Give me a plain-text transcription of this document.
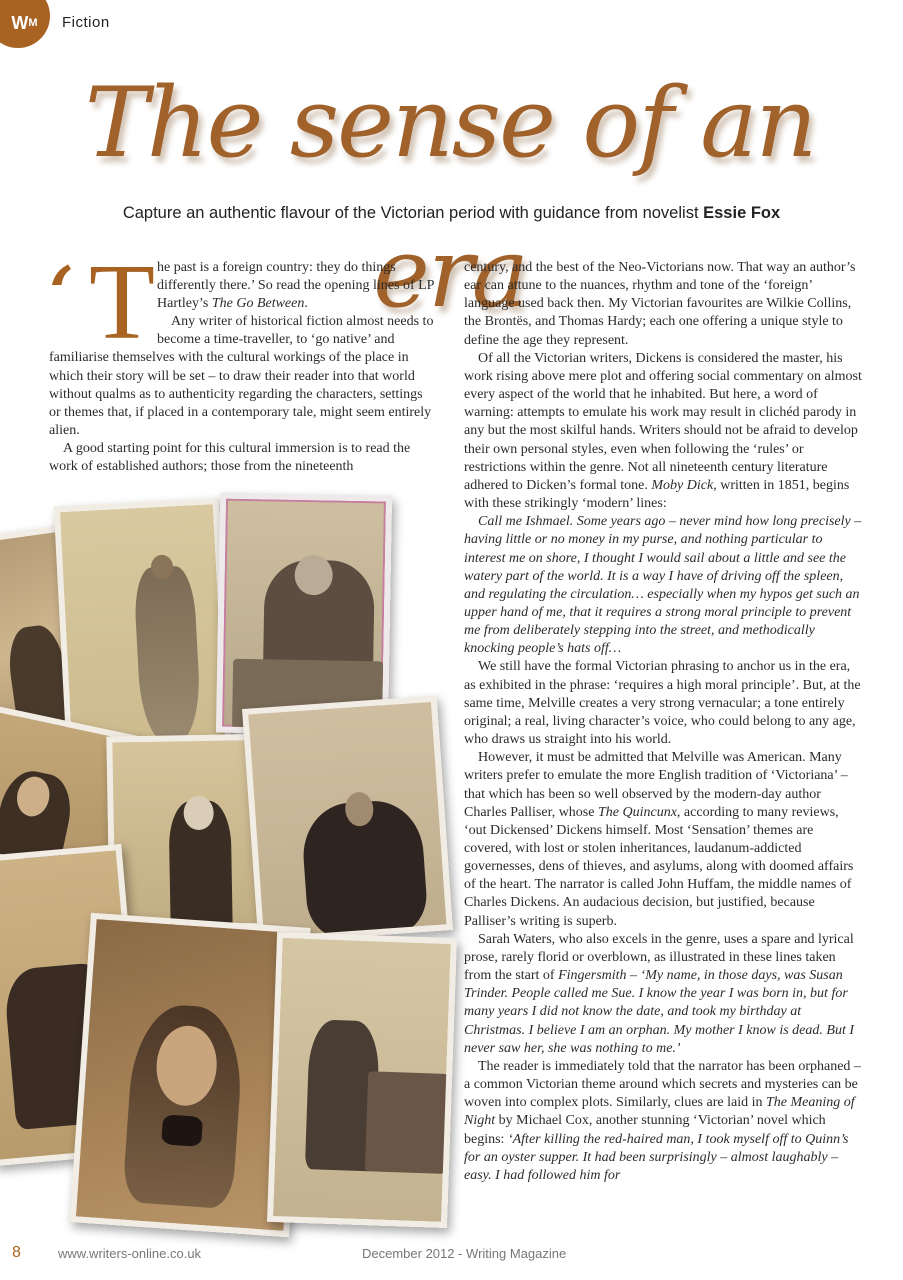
W M Fiction
The sense of an era
Capture an authentic flavour of the Victorian period with guidance from novelist Essie Fox
‘ T he past is a foreign country: they do things differently there.’ So read the opening lines of LP Hartley’s The Go Between.

Any writer of historical fiction almost needs to become a time-traveller, to ‘go native’ and familiarise themselves with the cultural workings of the place in which their story will be set – to draw their reader into that world without qualms as to authenticity regarding the characters, settings or themes that, if placed in a contemporary tale, might seem entirely alien.

A good starting point for this cultural immersion is to read the work of established authors; those from the nineteenth

century, and the best of the Neo-Victorians now. That way an author’s ear can attune to the nuances, rhythm and tone of the ‘foreign’ language used back then. My Victorian favourites are Wilkie Collins, the Brontës, and Thomas Hardy; each one offering a unique style to define the age they represent.

Of all the Victorian writers, Dickens is considered the master, his work rising above mere plot and offering social commentary on almost every aspect of the world that he inhabited. But here, a word of warning: attempts to emulate his work may result in clichéd parody in any but the most skilful hands. Writers should not be afraid to develop their own personal styles, even when following the ‘rules’ or restrictions within the genre. Not all nineteenth century literature adhered to Dicken’s formal tone. Moby Dick, written in 1851, begins with these strikingly ‘modern’ lines:

Call me Ishmael. Some years ago – never mind how long precisely – having little or no money in my purse, and nothing particular to interest me on shore, I thought I would sail about a little and see the watery part of the world. It is a way I have of driving off the spleen, and regulating the circulation… especially when my hypos get such an upper hand of me, that it requires a strong moral principle to prevent me from deliberately stepping into the street, and methodically knocking people’s hats off…

We still have the formal Victorian phrasing to anchor us in the era, as exhibited in the phrase: ‘requires a high moral principle’. But, at the same time, Melville creates a very strong vernacular; a tone entirely original; a real, living character’s voice, who could belong to any age, who draws us straight into his world.

However, it must be admitted that Melville was American. Many writers prefer to emulate the more English tradition of ‘Victoriana’ – that which has been so well observed by the modern-day author Charles Palliser, whose The Quincunx, according to many reviews, ‘out Dickensed’ Dickens himself. Most ‘Sensation’ themes are covered, with lost or stolen inheritances, laudanum-addicted governesses, dens of thieves, and asylums, along with doomed affairs of the heart. The narrator is called John Huffam, the middle names of Charles Dickens. An audacious decision, but justified, because Palliser’s writing is superb.

Sarah Waters, who also excels in the genre, uses a spare and lyrical prose, rarely florid or overblown, as illustrated in these lines taken from the start of Fingersmith – ‘My name, in those days, was Susan Trinder. People called me Sue. I know the year I was born in, but for many years I did not know the date, and took my birthday at Christmas. I believe I am an orphan. My mother I know is dead. But I never saw her, she was nothing to me.’

The reader is immediately told that the narrator has been orphaned – a common Victorian theme around which secrets and mysteries can be woven into complex plots. Similarly, clues are laid in The Meaning of Night by Michael Cox, another stunning ‘Victorian’ novel which begins: ‘After killing the red-haired man, I took myself off to Quinn’s for an oyster supper. It had been surprisingly – almost laughably – easy. I had followed him for

8	www.writers-online.co.uk	December 2012 - Writing Magazine
